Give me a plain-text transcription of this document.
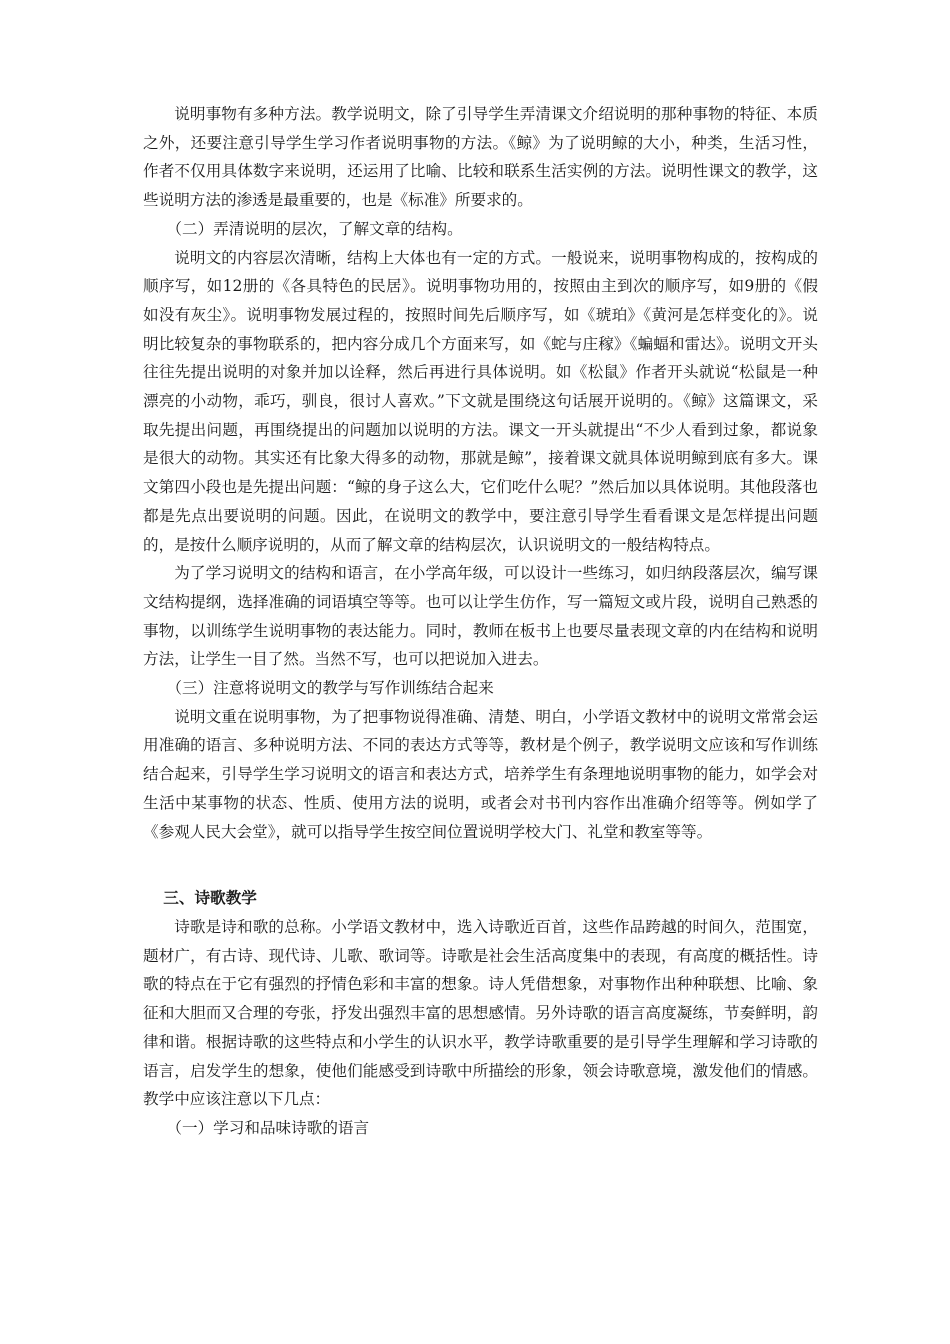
说明事物有多种方法。教学说明文，除了引导学生弄清课文介绍说明的那种事物的特征、本质之外，还要注意引导学生学习作者说明事物的方法。《鲸》为了说明鲸的大小，种类，生活习性，作者不仅用具体数字来说明，还运用了比喻、比较和联系生活实例的方法。说明性课文的教学，这些说明方法的渗透是最重要的，也是《标准》所要求的。

（二）弄清说明的层次，了解文章的结构。

说明文的内容层次清晰，结构上大体也有一定的方式。一般说来，说明事物构成的，按构成的顺序写，如12册的《各具特色的民居》。说明事物功用的，按照由主到次的顺序写，如9册的《假如没有灰尘》。说明事物发展过程的，按照时间先后顺序写，如《琥珀》《黄河是怎样变化的》。说明比较复杂的事物联系的，把内容分成几个方面来写，如《蛇与庄稼》《蝙蝠和雷达》。说明文开头往往先提出说明的对象并加以诠释，然后再进行具体说明。如《松鼠》作者开头就说“松鼠是一种漂亮的小动物，乖巧，驯良，很讨人喜欢。”下文就是围绕这句话展开说明的。《鲸》这篇课文，采取先提出问题，再围绕提出的问题加以说明的方法。课文一开头就提出“不少人看到过象，都说象是很大的动物。其实还有比象大得多的动物，那就是鲸”，接着课文就具体说明鲸到底有多大。课文第四小段也是先提出问题：“鲸的身子这么大，它们吃什么呢？”然后加以具体说明。其他段落也都是先点出要说明的问题。因此，在说明文的教学中，要注意引导学生看看课文是怎样提出问题的，是按什么顺序说明的，从而了解文章的结构层次，认识说明文的一般结构特点。

为了学习说明文的结构和语言，在小学高年级，可以设计一些练习，如归纳段落层次，编写课文结构提纲，选择准确的词语填空等等。也可以让学生仿作，写一篇短文或片段，说明自己熟悉的事物，以训练学生说明事物的表达能力。同时，教师在板书上也要尽量表现文章的内在结构和说明方法，让学生一目了然。当然不写，也可以把说加入进去。

（三）注意将说明文的教学与写作训练结合起来

说明文重在说明事物，为了把事物说得准确、清楚、明白，小学语文教材中的说明文常常会运用准确的语言、多种说明方法、不同的表达方式等等，教材是个例子，教学说明文应该和写作训练结合起来，引导学生学习说明文的语言和表达方式，培养学生有条理地说明事物的能力，如学会对生活中某事物的状态、性质、使用方法的说明，或者会对书刊内容作出准确介绍等等。例如学了《参观人民大会堂》，就可以指导学生按空间位置说明学校大门、礼堂和教室等等。

三、诗歌教学

诗歌是诗和歌的总称。小学语文教材中，选入诗歌近百首，这些作品跨越的时间久，范围宽，题材广，有古诗、现代诗、儿歌、歌词等。诗歌是社会生活高度集中的表现，有高度的概括性。诗歌的特点在于它有强烈的抒情色彩和丰富的想象。诗人凭借想象，对事物作出种种联想、比喻、象征和大胆而又合理的夸张，抒发出强烈丰富的思想感情。另外诗歌的语言高度凝练，节奏鲜明，韵律和谐。根据诗歌的这些特点和小学生的认识水平，教学诗歌重要的是引导学生理解和学习诗歌的语言，启发学生的想象，使他们能感受到诗歌中所描绘的形象，领会诗歌意境，激发他们的情感。教学中应该注意以下几点：

（一）学习和品味诗歌的语言
